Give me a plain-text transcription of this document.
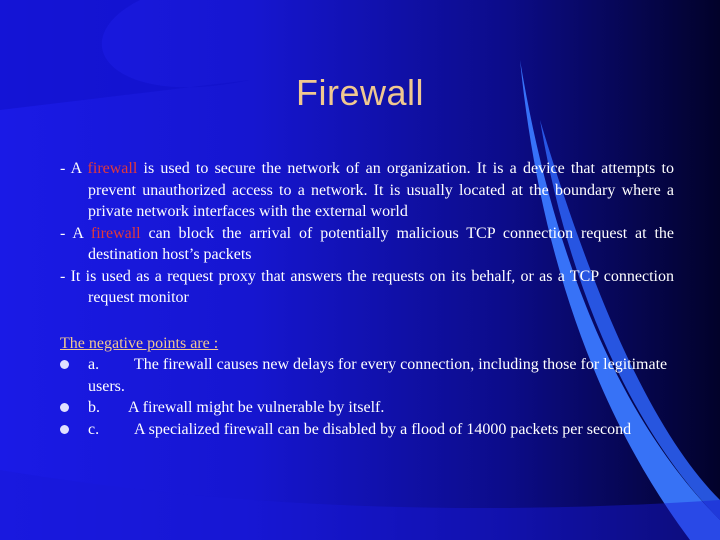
Firewall

- A firewall is used to secure the network of an organization. It is a device that attempts to prevent unauthorized access to a network. It is usually located at the boundary where a private network interfaces with the external world

- A firewall can block the arrival of potentially malicious TCP connection request at the destination host’s packets

- It is used as a request proxy that answers the requests on its behalf, or as a TCP connection request monitor

The negative points are :

a. The firewall causes new delays for every connection, including those for legitimate users.

b. A firewall might be vulnerable by itself.

c. A specialized firewall can be disabled by a flood of 14000 packets per second
